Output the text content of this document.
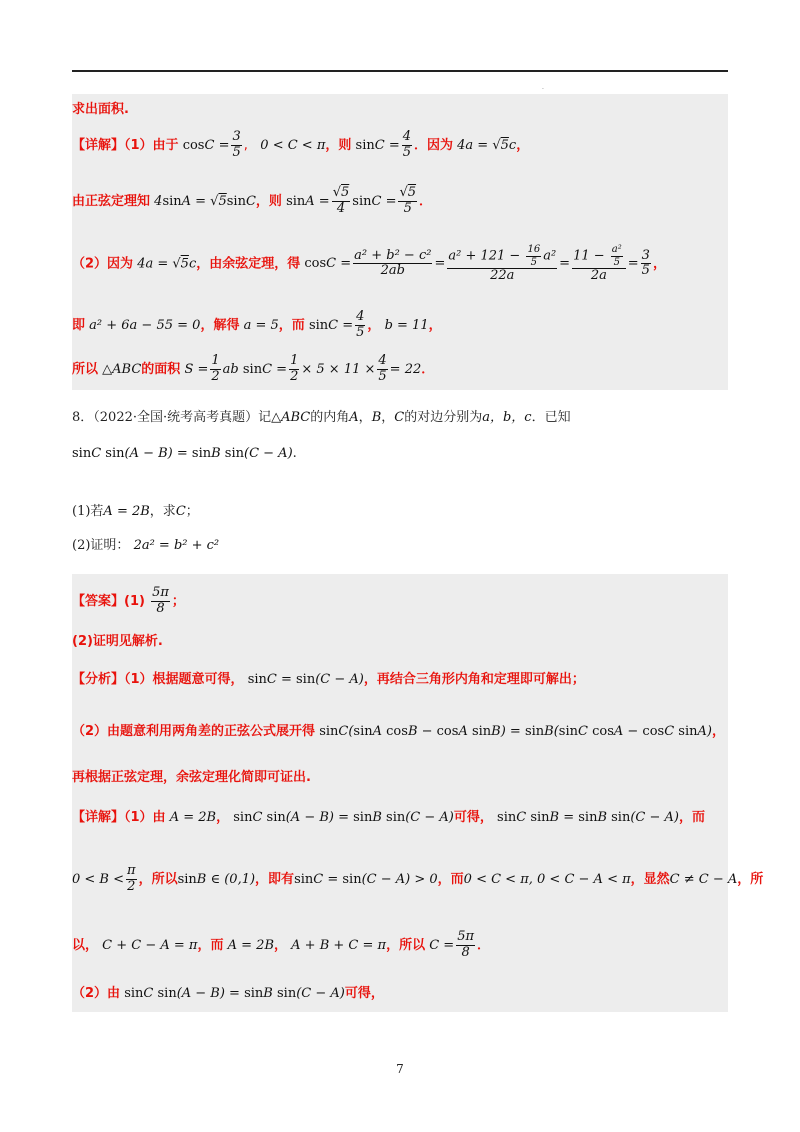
.
求出面积.
【详解】（1）由于 $\cos C = \frac{3}{5}$ , 0 < C < π，则 $\sin C = \frac{4}{5}$ ．因为 4a = √5c，
由正弦定理知 4sinA = √5sinC，则 $\sin A = \frac{√5}{4}$ $\sin C = \frac{√5}{5}$ ．
（2）因为 4a = √5c，由余弦定理，得 $\cos C = \frac{\text{a² + b² − c²}}{2ab} = \frac{a^2 + 121 - \frac{16}{5} a^2}{22a} = \frac{11 - \frac{\text{a²}}{5}}{2a} = \frac{3}{5}$ ，
即 a² + 6a − 55 = 0，解得 a = 5，而 $\sin C = \frac{4}{5}$ ， b = 11，
所以 △ABC的面积 $S = \frac{1}{2}$ ab $\sin C = \frac{1}{2} \times 5 \times 11 \times \frac{4}{5} = 22$．
8．（2022·全国·统考高考真题）记△ABC的内角A，B，C的对边分别为a，b，c．已知
sinC sin(A − B) = sinB sin(C − A).
(1)若A = 2B，求C；
(2)证明： 2a² = b² + c²
【答案】$(1) \frac{5\pi}{8}$ ；
(2)证明见解析.
【分析】（1）根据题意可得， sinC = sin(C − A)，再结合三角形内角和定理即可解出；
（2）由题意利用两角差的正弦公式展开得 sinC(sinA cosB − cosA sinB) = sinB(sinC cosA − cosC sinA)，
再根据正弦定理，余弦定理化简即可证出.
【详解】（1）由 A = 2B， sinC sin(A − B) = sinB sin(C − A)可得， sinC sinB = sinB sin(C − A)，而
$0 < B < \frac{\pi}{2}$ ，所以sinB ∈ (0,1)，即有sinC = sin(C − A) > 0，而0 < C < π, 0 < C − A < π，显然C ≠ C − A，所
以， C + C − A = π，而 A = 2B， A + B + C = π，所以 $C = \frac{5\pi}{8}$ ．
（2）由 sinC sin(A − B) = sinB sin(C − A)可得，
7
